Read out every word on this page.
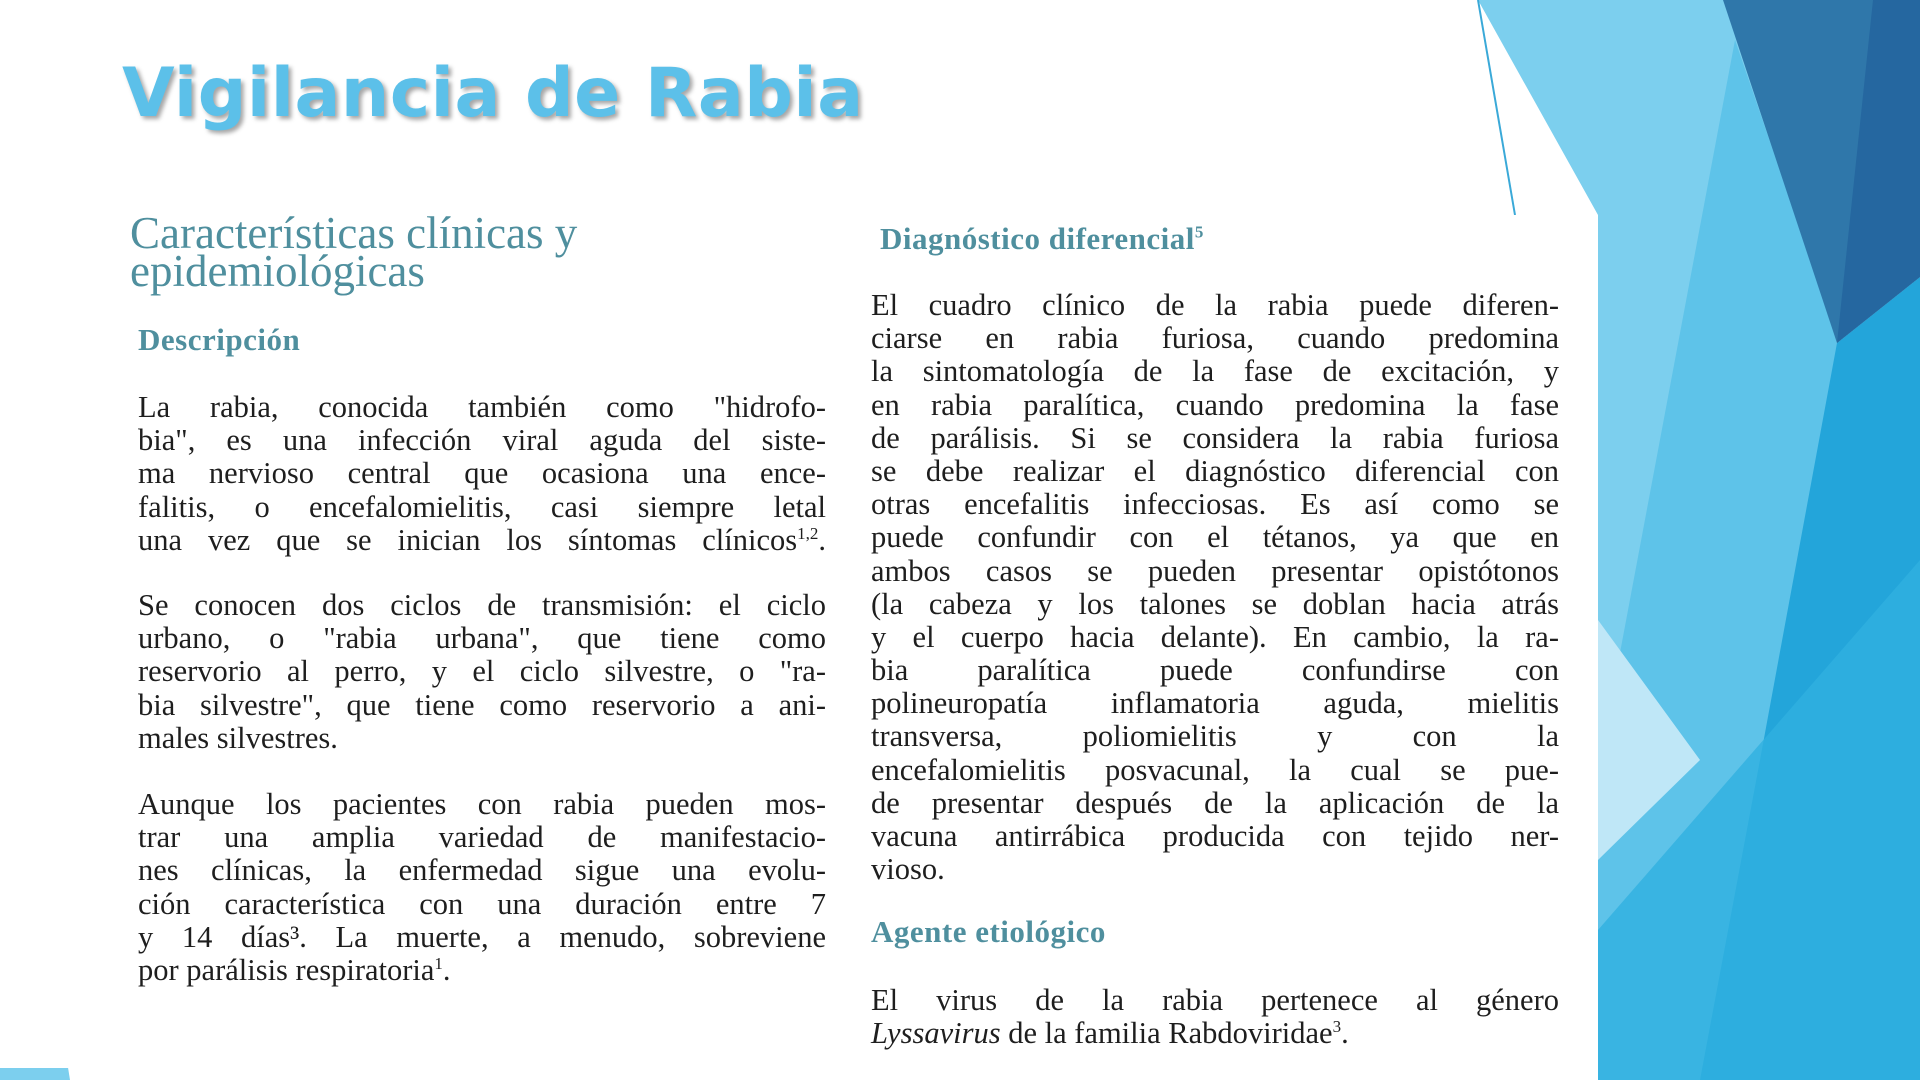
Vigilancia de Rabia
Características clínicas y
epidemiológicas
Descripción
La rabia, conocida también como "hidrofo-
bia", es una infección viral aguda del siste-
ma nervioso central que ocasiona una ence-
falitis, o encefalomielitis, casi siempre letal
una vez que se inician los síntomas clínicos$^{1,2}$.
Se conocen dos ciclos de transmisión: el ciclo
urbano, o "rabia urbana", que tiene como
reservorio al perro, y el ciclo silvestre, o "ra-
bia silvestre", que tiene como reservorio a ani-
males silvestres.
Aunque los pacientes con rabia pueden mos-
trar una amplia variedad de manifestacio-
nes clínicas, la enfermedad sigue una evolu-
ción característica con una duración entre 7
y 14 días³. La muerte, a menudo, sobreviene
por parálisis respiratoria$^1$.
Diagnóstico diferencial$^5$
El cuadro clínico de la rabia puede diferen-
ciarse en rabia furiosa, cuando predomina
la sintomatología de la fase de excitación, y
en rabia paralítica, cuando predomina la fase
de parálisis. Si se considera la rabia furiosa
se debe realizar el diagnóstico diferencial con
otras encefalitis infecciosas. Es así como se
puede confundir con el tétanos, ya que en
ambos casos se pueden presentar opistótonos
(la cabeza y los talones se doblan hacia atrás
y el cuerpo hacia delante). En cambio, la ra-
bia paralítica puede confundirse con
polineuropatía inflamatoria aguda, mielitis
transversa, poliomielitis y con la
encefalomielitis posvacunal, la cual se pue-
de presentar después de la aplicación de la
vacuna antirrábica producida con tejido ner-
vioso.
Agente etiológico
El virus de la rabia pertenece al género
Lyssavirus de la familia Rabdoviridae$^3$.
